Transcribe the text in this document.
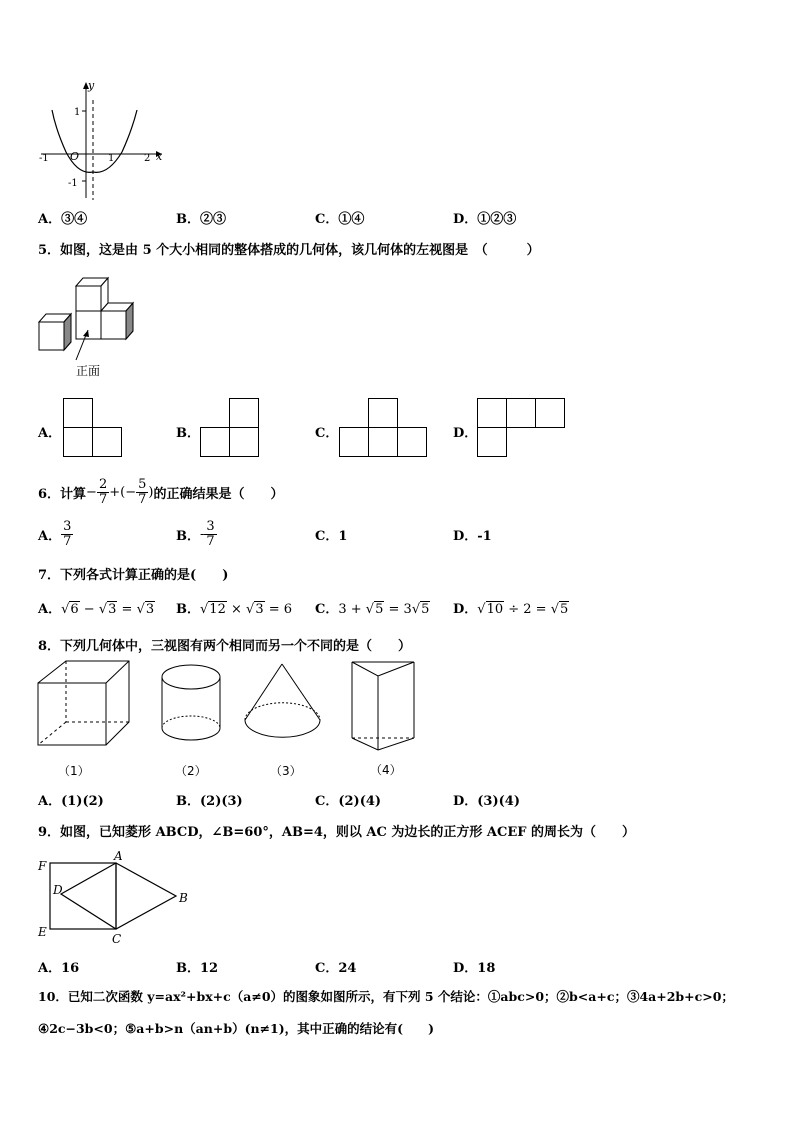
y
x
O
1
-1
-1	1	2
A．③④	B．②③	C．①④	D．①②③
5．如图，这是由 5 个大小相同的整体搭成的几何体，该几何体的左视图是　（　　　）
正面
A．	B．	C．	D．
6．计算 − $\frac{2}{7}$ +(− $\frac{5}{7}$ ) 的正确结果是（　　）
A． $\frac{3}{7}$	B． - $\frac{3}{7}$	C．1	D．-1
7．下列各式计算正确的是(　　)
A．√6 − √3 = √3 B．√12 × √3 = 6 C．3 + √5 = 3√5 D．√10 ÷ 2 = √5
8．下列几何体中，三视图有两个相同而另一个不同的是（　　）
（1）	（2）	（3）	（4）
A．(1)(2)	B．(2)(3)	C．(2)(4)	D．(3)(4)
9．如图，已知菱形 ABCD，∠B=60°，AB=4，则以 AC 为边长的正方形 ACEF 的周长为（　　）
F
A
D
B
E	C
A．16	B．12	C．24	D．18
10．已知二次函数 y=ax²+bx+c（a≠0）的图象如图所示，有下列 5 个结论：①abc>0；②b<a+c；③4a+2b+c>0；
④2c−3b<0；⑤a+b>n（an+b）(n≠1)，其中正确的结论有(　　)
